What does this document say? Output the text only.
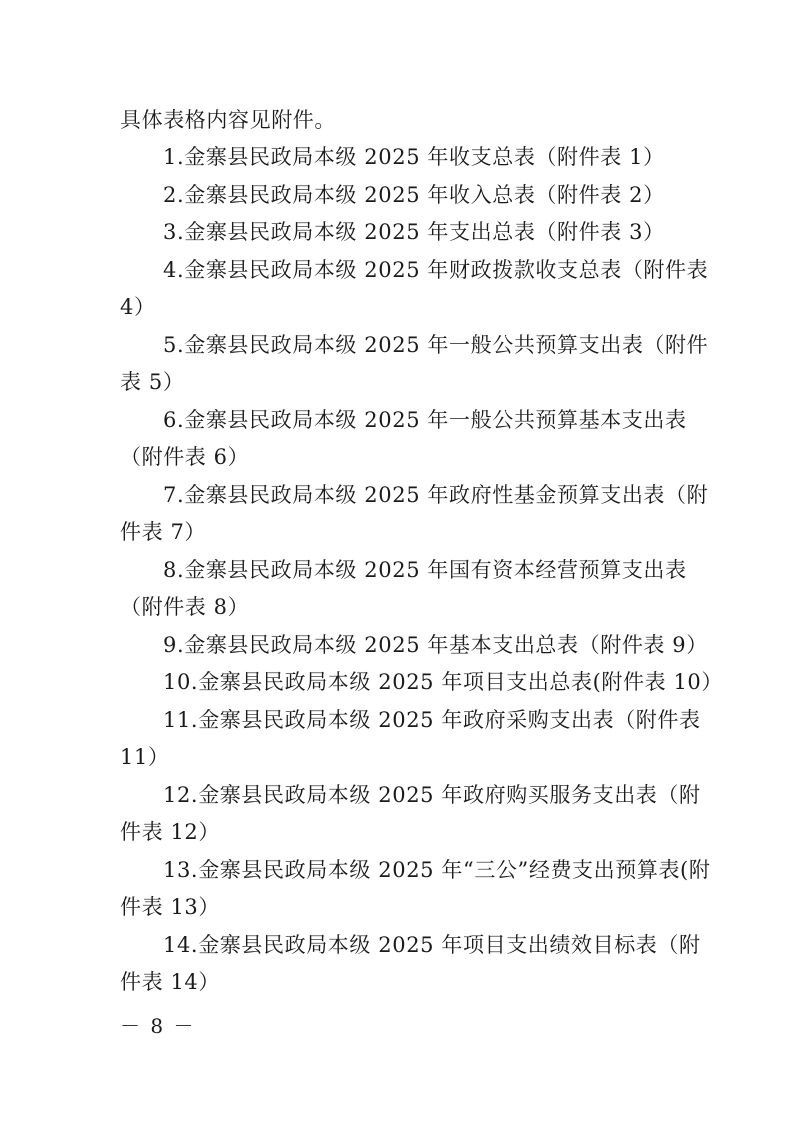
具体表格内容见附件。
1.金寨县民政局本级 2025 年收支总表（附件表 1）
2.金寨县民政局本级 2025 年收入总表（附件表 2）
3.金寨县民政局本级 2025 年支出总表（附件表 3）
4.金寨县民政局本级 2025 年财政拨款收支总表（附件表
4）
5.金寨县民政局本级 2025 年一般公共预算支出表（附件
表 5）
6.金寨县民政局本级 2025 年一般公共预算基本支出表
（附件表 6）
7.金寨县民政局本级 2025 年政府性基金预算支出表（附
件表 7）
8.金寨县民政局本级 2025 年国有资本经营预算支出表
（附件表 8）
9.金寨县民政局本级 2025 年基本支出总表（附件表 9）
10.金寨县民政局本级 2025 年项目支出总表(附件表 10）
11.金寨县民政局本级 2025 年政府采购支出表（附件表
11）
12.金寨县民政局本级 2025 年政府购买服务支出表（附
件表 12）
13.金寨县民政局本级 2025 年“三公”经费支出预算表(附
件表 13）
14.金寨县民政局本级 2025 年项目支出绩效目标表（附
件表 14）
－ 8 －
